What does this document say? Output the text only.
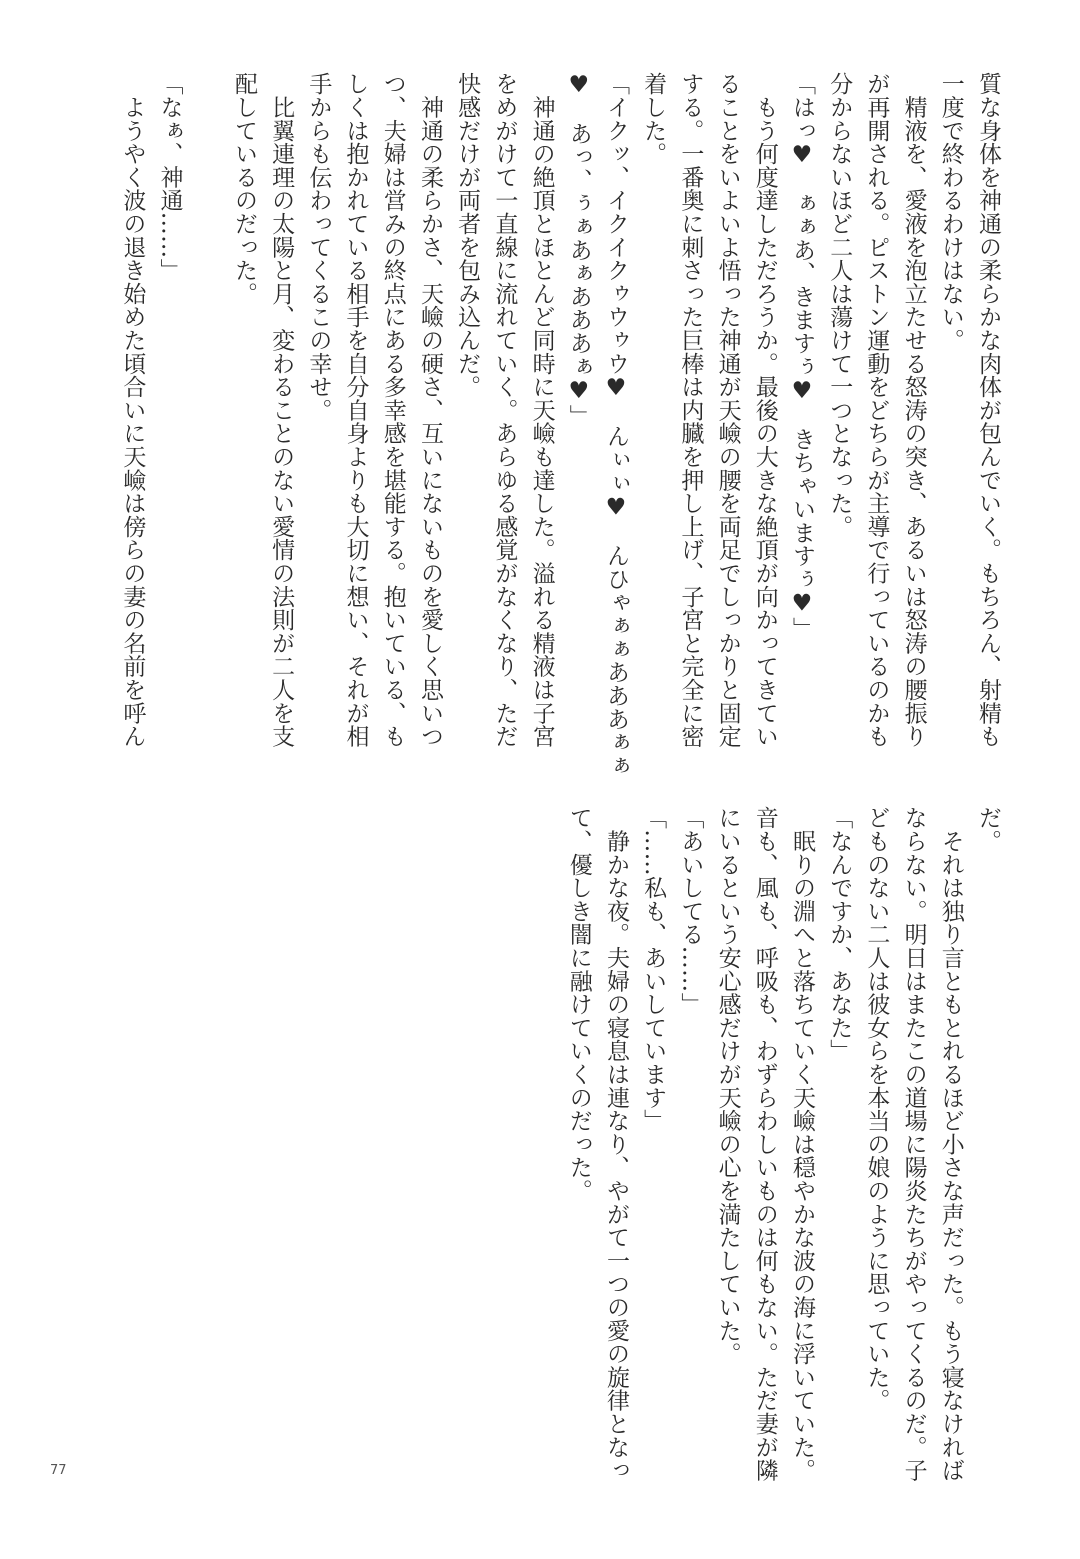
質な身体を神通の柔らかな肉体が包んでいく。もちろん、射精も
一度で終わるわけはない。
　精液を、愛液を泡立たせる怒涛の突き、あるいは怒涛の腰振り
が再開される。ピストン運動をどちらが主導で行っているのかも
分からないほど二人は蕩けて一つとなった。
「はっ♥　ぁぁあ、きますぅ♥　きちゃいますぅ♥」
　もう何度達しただろうか。最後の大きな絶頂が向かってきてい
ることをいよいよ悟った神通が天嶮の腰を両足でしっかりと固定
する。一番奥に刺さった巨棒は内臓を押し上げ、子宮と完全に密
着した。
「イクッ、イクイクゥウゥウ♥　んぃぃ♥　んひゃぁぁあああぁぁ
♥　あっ、ぅぁあぁあああぁ♥」
　神通の絶頂とほとんど同時に天嶮も達した。溢れる精液は子宮
をめがけて一直線に流れていく。あらゆる感覚がなくなり、ただ
快感だけが両者を包み込んだ。
　神通の柔らかさ、天嶮の硬さ、互いにないものを愛しく思いつ
つ、夫婦は営みの終点にある多幸感を堪能する。抱いている、も
しくは抱かれている相手を自分自身よりも大切に想い、それが相
手からも伝わってくるこの幸せ。
　比翼連理の太陽と月、変わることのない愛情の法則が二人を支
配しているのだった。

「なぁ、神通……」
　ようやく波の退き始めた頃合いに天嶮は傍らの妻の名前を呼ん
だ。
　それは独り言ともとれるほど小さな声だった。もう寝なければ
ならない。明日はまたこの道場に陽炎たちがやってくるのだ。子
どものない二人は彼女らを本当の娘のように思っていた。
「なんですか、あなた」
　眠りの淵へと落ちていく天嶮は穏やかな波の海に浮いていた。
音も、風も、呼吸も、わずらわしいものは何もない。ただ妻が隣
にいるという安心感だけが天嶮の心を満たしていた。
「あいしてる……」
「……私も、あいしています」
　静かな夜。夫婦の寝息は連なり、やがて一つの愛の旋律となっ
て、優しき闇に融けていくのだった。
77
